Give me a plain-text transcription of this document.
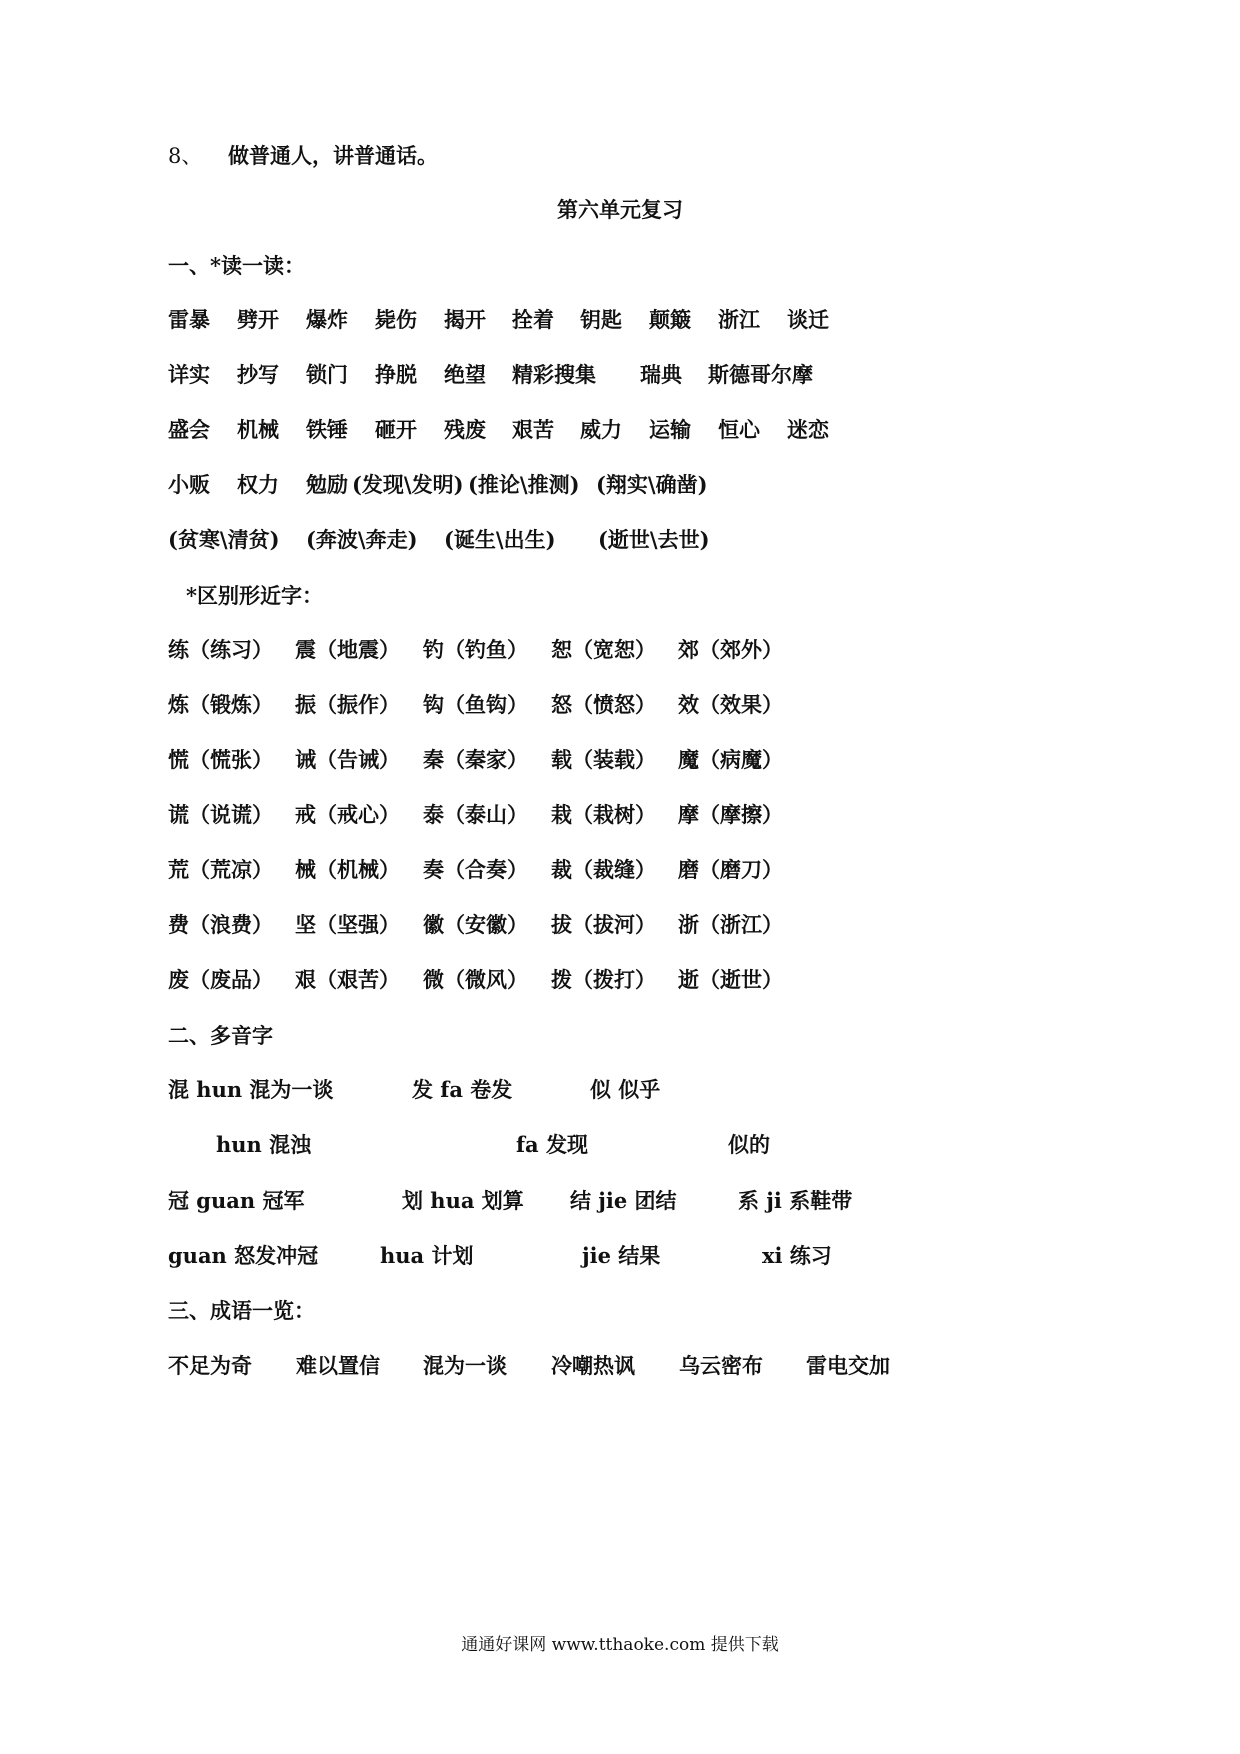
8、 做普通人，讲普通话。
第六单元复习
一、*读一读：
雷暴 劈开 爆炸 毙伤 揭开 拴着 钥匙 颠簸 浙江 谈迁
详实 抄写 锁门 挣脱 绝望 精彩搜集 瑞典 斯德哥尔摩
盛会 机械 铁锤 砸开 残废 艰苦 威力 运输 恒心 迷恋
小贩 权力 勉励 (发现\发明) (推论\推测) (翔实\确凿)
(贫寒\清贫) (奔波\奔走) (诞生\出生) (逝世\去世)
*区别形近字：
练（练习） 震（地震） 钓（钓鱼） 恕（宽恕） 郊（郊外）
炼（锻炼） 振（振作） 钩（鱼钩） 怒（愤怒） 效（效果）
慌（慌张） 诫（告诫） 秦（秦家） 载（装载） 魔（病魔）
谎（说谎） 戒（戒心） 泰（泰山） 栽（栽树） 摩（摩擦）
荒（荒凉） 械（机械） 奏（合奏） 裁（裁缝） 磨（磨刀）
费（浪费） 坚（坚强） 徽（安徽） 拔（拔河） 浙（浙江）
废（废品） 艰（艰苦） 微（微风） 拨（拨打） 逝（逝世）
二、多音字
混 hun 混为一谈	发 fa 卷发	似 似乎
hun 混浊	fa 发现	似的
冠 guan 冠军	划 hua 划算 结 jie 团结	系 ji 系鞋带
guan 怒发冲冠	hua 计划	jie 结果	xi 练习
三、成语一览：
不足为奇 难以置信 混为一谈 冷嘲热讽 乌云密布 雷电交加
通通好课网 www.tthaoke.com 提供下载
